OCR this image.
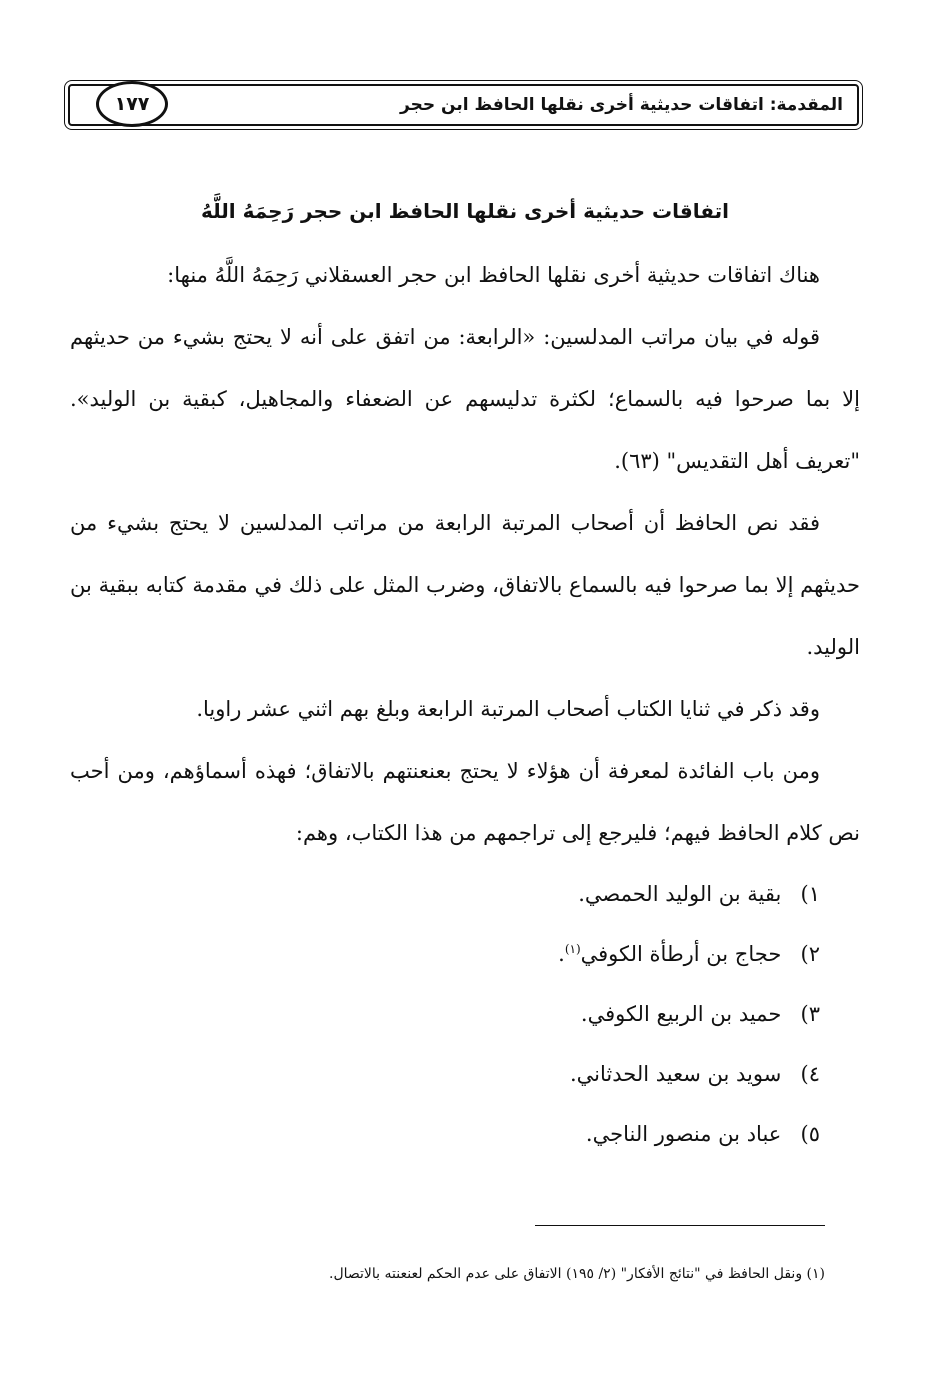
المقدمة: اتفاقات حديثية أخرى نقلها الحافظ ابن حجر
١٧٧
اتفاقات حديثية أخرى نقلها الحافظ ابن حجر رَحِمَهُ اللَّهُ

هناك اتفاقات حديثية أخرى نقلها الحافظ ابن حجر العسقلاني رَحِمَهُ اللَّهُ منها:

قوله في بيان مراتب المدلسين: «الرابعة: من اتفق على أنه لا يحتج بشيء من حديثهم إلا بما صرحوا فيه بالسماع؛ لكثرة تدليسهم عن الضعفاء والمجاهيل، كبقية بن الوليد». "تعريف أهل التقديس" (٦٣).

فقد نص الحافظ أن أصحاب المرتبة الرابعة من مراتب المدلسين لا يحتج بشيء من حديثهم إلا بما صرحوا فيه بالسماع بالاتفاق، وضرب المثل على ذلك في مقدمة كتابه ببقية بن الوليد.

وقد ذكر في ثنايا الكتاب أصحاب المرتبة الرابعة وبلغ بهم اثني عشر راويا.

ومن باب الفائدة لمعرفة أن هؤلاء لا يحتج بعنعنتهم بالاتفاق؛ فهذه أسماؤهم، ومن أحب نص كلام الحافظ فيهم؛ فليرجع إلى تراجمهم من هذا الكتاب، وهم:

١) بقية بن الوليد الحمصي.
٢) حجاج بن أرطأة الكوفي$^{(١)}$.
٣) حميد بن الربيع الكوفي.
٤) سويد بن سعيد الحدثاني.
٥) عباد بن منصور الناجي.
(١) ونقل الحافظ في "نتائج الأفكار" (٢/ ١٩٥) الاتفاق على عدم الحكم لعنعنته بالاتصال.
